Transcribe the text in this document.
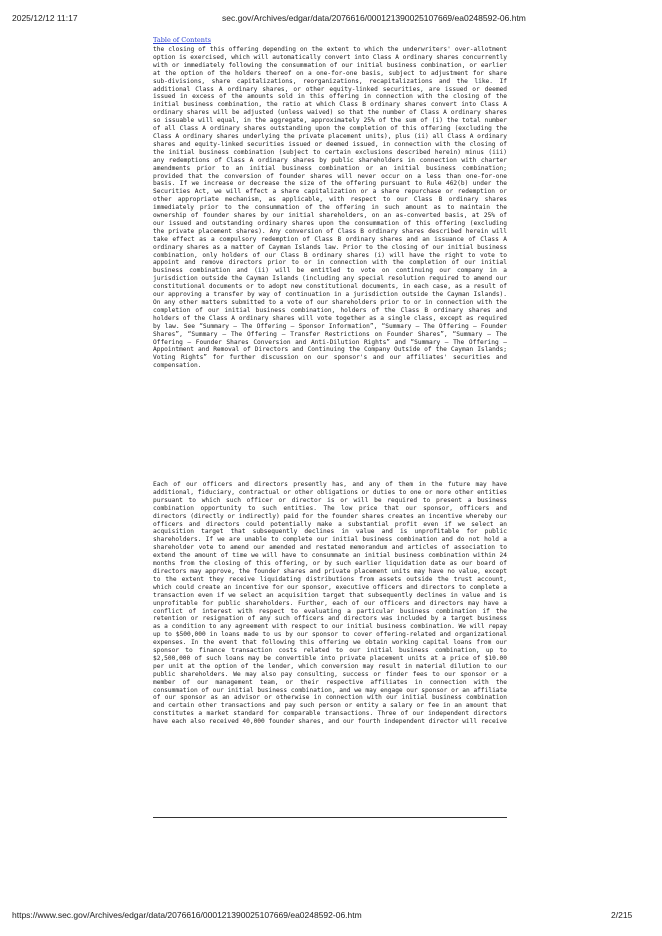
2025/12/12 11:17	sec.gov/Archives/edgar/data/2076616/000121390025107669/ea0248592-06.htm
Table of Contents

the closing of this offering depending on the extent to which the underwriters' over-allotment option is exercised, which will automatically convert into Class A ordinary shares concurrently with or immediately following the consummation of our initial business combination, or earlier at the option of the holders thereof on a one-for-one basis, subject to adjustment for share sub-divisions, share capitalizations, reorganizations, recapitalizations and the like. If additional Class A ordinary shares, or other equity-linked securities, are issued or deemed issued in excess of the amounts sold in this offering in connection with the closing of the initial business combination, the ratio at which Class B ordinary shares convert into Class A ordinary shares will be adjusted (unless waived) so that the number of Class A ordinary shares so issuable will equal, in the aggregate, approximately 25% of the sum of (i) the total number of all Class A ordinary shares outstanding upon the completion of this offering (excluding the Class A ordinary shares underlying the private placement units), plus (ii) all Class A ordinary shares and equity-linked securities issued or deemed issued, in connection with the closing of the initial business combination (subject to certain exclusions described herein) minus (iii) any redemptions of Class A ordinary shares by public shareholders in connection with charter amendments prior to an initial business combination or an initial business combination; provided that the conversion of founder shares will never occur on a less than one-for-one basis. If we increase or decrease the size of the offering pursuant to Rule 462(b) under the Securities Act, we will effect a share capitalization or a share repurchase or redemption or other appropriate mechanism, as applicable, with respect to our Class B ordinary shares immediately prior to the consummation of the offering in such amount as to maintain the ownership of founder shares by our initial shareholders, on an as-converted basis, at 25% of our issued and outstanding ordinary shares upon the consummation of this offering (excluding the private placement shares). Any conversion of Class B ordinary shares described herein will take effect as a compulsory redemption of Class B ordinary shares and an issuance of Class A ordinary shares as a matter of Cayman Islands law. Prior to the closing of our initial business combination, only holders of our Class B ordinary shares (i) will have the right to vote to appoint and remove directors prior to or in connection with the completion of our initial business combination and (ii) will be entitled to vote on continuing our company in a jurisdiction outside the Cayman Islands (including any special resolution required to amend our constitutional documents or to adopt new constitutional documents, in each case, as a result of our approving a transfer by way of continuation in a jurisdiction outside the Cayman Islands). On any other matters submitted to a vote of our shareholders prior to or in connection with the completion of our initial business combination, holders of the Class B ordinary shares and holders of the Class A ordinary shares will vote together as a single class, except as required by law. See “Summary — The Offering — Sponsor Information”, “Summary — The Offering — Founder Shares”, “Summary — The Offering — Transfer Restrictions on Founder Shares”, “Summary — The Offering — Founder Shares Conversion and Anti-Dilution Rights” and “Summary — The Offering — Appointment and Removal of Directors and Continuing the Company Outside of the Cayman Islands; Voting Rights” for further discussion on our sponsor's and our affiliates' securities and compensation.

Each of our officers and directors presently has, and any of them in the future may have additional, fiduciary, contractual or other obligations or duties to one or more other entities pursuant to which such officer or director is or will be required to present a business combination opportunity to such entities. The low price that our sponsor, officers and directors (directly or indirectly) paid for the founder shares creates an incentive whereby our officers and directors could potentially make a substantial profit even if we select an acquisition target that subsequently declines in value and is unprofitable for public shareholders. If we are unable to complete our initial business combination and do not hold a shareholder vote to amend our amended and restated memorandum and articles of association to extend the amount of time we will have to consummate an initial business combination within 24 months from the closing of this offering, or by such earlier liquidation date as our board of directors may approve, the founder shares and private placement units may have no value, except to the extent they receive liquidating distributions from assets outside the trust account, which could create an incentive for our sponsor, executive officers and directors to complete a transaction even if we select an acquisition target that subsequently declines in value and is unprofitable for public shareholders. Further, each of our officers and directors may have a conflict of interest with respect to evaluating a particular business combination if the retention or resignation of any such officers and directors was included by a target business as a condition to any agreement with respect to our initial business combination. We will repay up to $500,000 in loans made to us by our sponsor to cover offering-related and organizational expenses. In the event that following this offering we obtain working capital loans from our sponsor to finance transaction costs related to our initial business combination, up to $2,500,000 of such loans may be convertible into private placement units at a price of $10.00 per unit at the option of the lender, which conversion may result in material dilution to our public shareholders. We may also pay consulting, success or finder fees to our sponsor or a member of our management team, or their respective affiliates in connection with the consummation of our initial business combination, and we may engage our sponsor or an affiliate of our sponsor as an advisor or otherwise in connection with our initial business combination and certain other transactions and pay such person or entity a salary or fee in an amount that constitutes a market standard for comparable transactions. Three of our independent directors have each also received 40,000 founder shares, and our fourth independent director will receive

https://www.sec.gov/Archives/edgar/data/2076616/000121390025107669/ea0248592-06.htm	2/215
